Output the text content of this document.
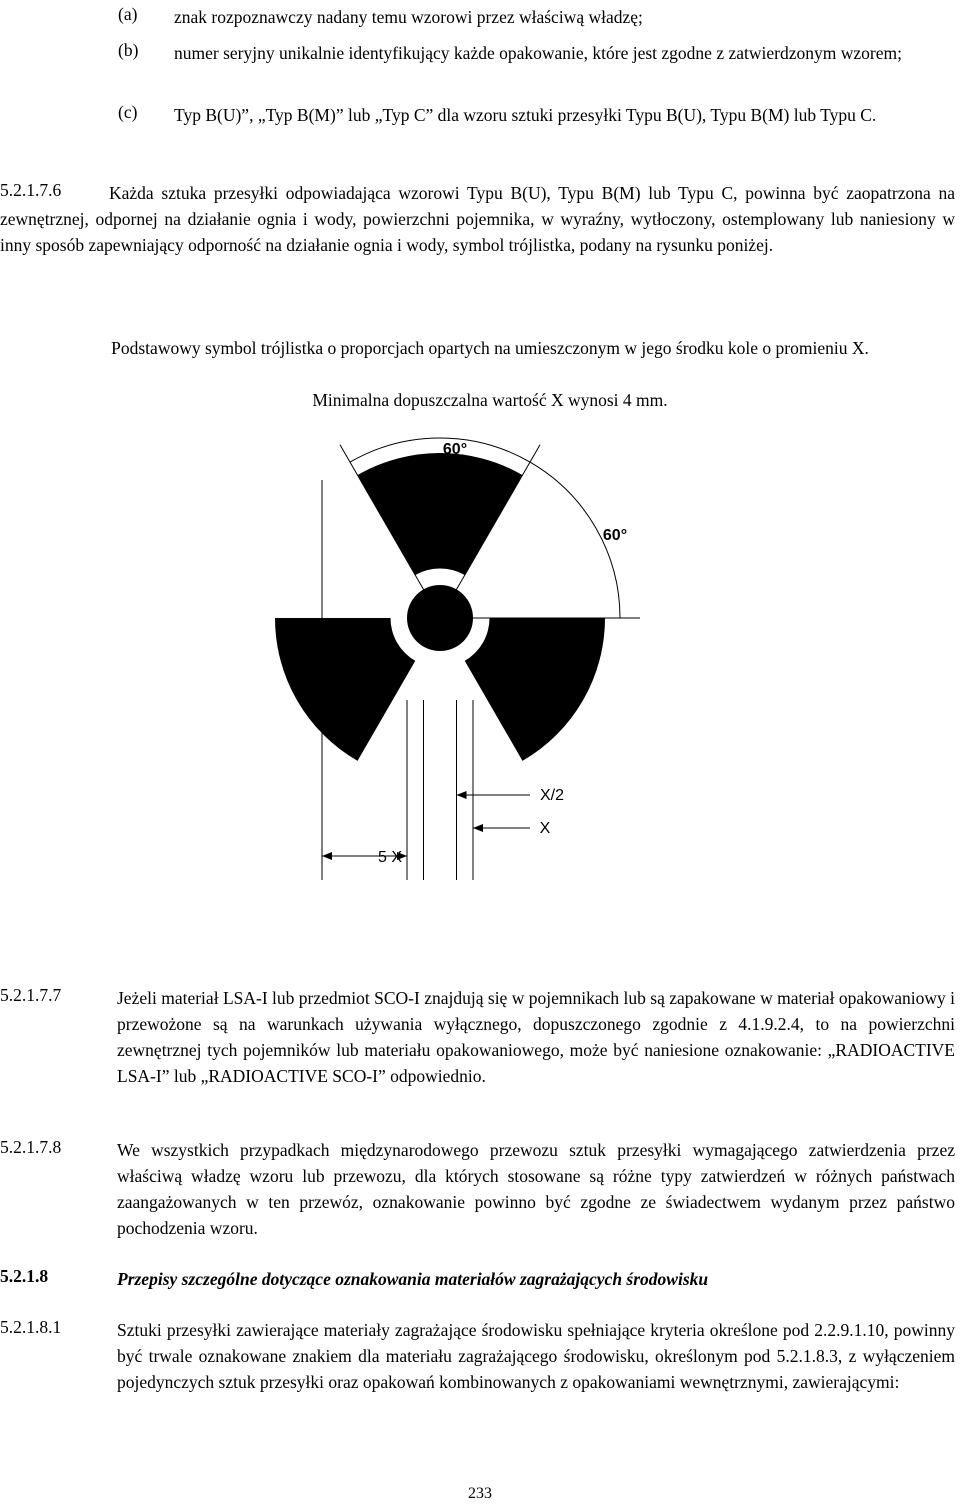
(a) znak rozpoznawczy nadany temu wzorowi przez właściwą władzę;
(b) numer seryjny unikalnie identyfikujący każde opakowanie, które jest zgodne z zatwierdzonym wzorem;
(c) Typ B(U)”, „Typ B(M)” lub „Typ C” dla wzoru sztuki przesyłki Typu B(U), Typu B(M) lub Typu C.
5.2.1.7.6	Każda sztuka przesyłki odpowiadająca wzorowi Typu B(U), Typu B(M) lub Typu C, powinna być zaopatrzona na zewnętrznej, odpornej na działanie ognia i wody, powierzchni pojemnika, w wyraźny, wytłoczony, ostemplowany lub naniesiony w inny sposób zapewniający odporność na działanie ognia i wody, symbol trójlistka, podany na rysunku poniżej.
Podstawowy symbol trójlistka o proporcjach opartych na umieszczonym w jego środku kole o promieniu X.
Minimalna dopuszczalna wartość X wynosi 4 mm.
60°
60°
X/2
X
5 X
5.2.1.7.7	Jeżeli materiał LSA-I lub przedmiot SCO-I znajdują się w pojemnikach lub są zapakowane w materiał opakowaniowy i przewożone są na warunkach używania wyłącznego, dopuszczonego zgodnie z 4.1.9.2.4, to na powierzchni zewnętrznej tych pojemników lub materiału opakowaniowego, może być naniesione oznakowanie: „RADIOACTIVE LSA-I” lub „RADIOACTIVE SCO-I” odpowiednio.
5.2.1.7.8	We wszystkich przypadkach międzynarodowego przewozu sztuk przesyłki wymagającego zatwierdzenia przez właściwą władzę wzoru lub przewozu, dla których stosowane są różne typy zatwierdzeń w różnych państwach zaangażowanych w ten przewóz, oznakowanie powinno być zgodne ze świadectwem wydanym przez państwo pochodzenia wzoru.
5.2.1.8	Przepisy szczególne dotyczące oznakowania materiałów zagrażających środowisku
5.2.1.8.1	Sztuki przesyłki zawierające materiały zagrażające środowisku spełniające kryteria określone pod 2.2.9.1.10, powinny być trwale oznakowane znakiem dla materiału zagrażającego środowisku, określonym pod 5.2.1.8.3, z wyłączeniem pojedynczych sztuk przesyłki oraz opakowań kombinowanych z opakowaniami wewnętrznymi, zawierającymi:
233
